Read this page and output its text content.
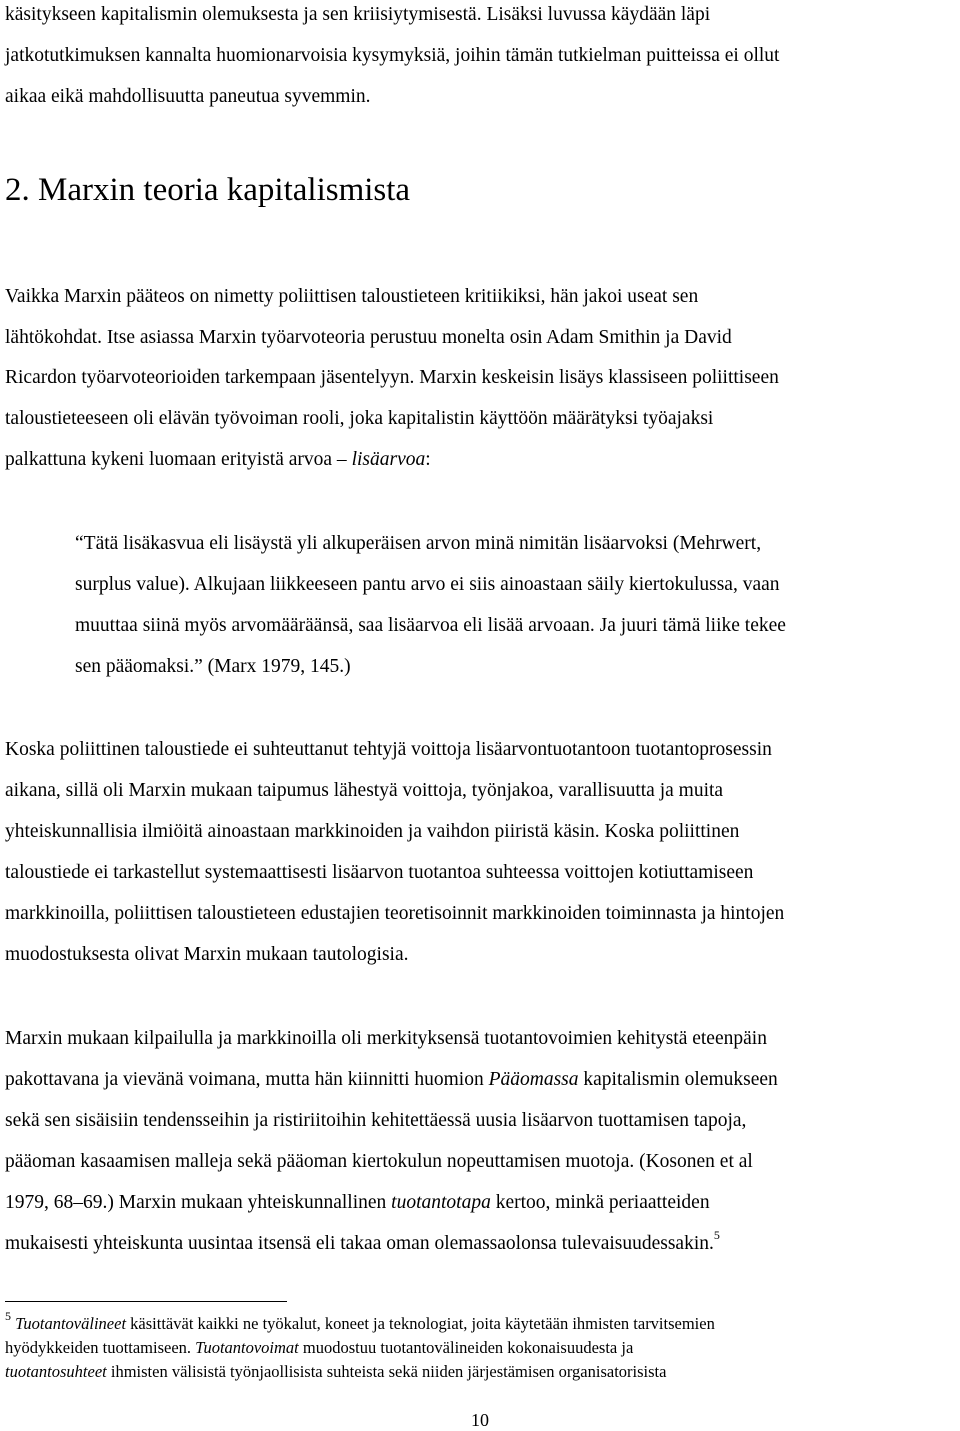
käsitykseen kapitalismin olemuksesta ja sen kriisiytymisestä. Lisäksi luvussa käydään läpi
jatkotutkimuksen kannalta huomionarvoisia kysymyksiä, joihin tämän tutkielman puitteissa ei ollut
aikaa eikä mahdollisuutta paneutua syvemmin.
2. Marxin teoria kapitalismista
Vaikka Marxin pääteos on nimetty poliittisen taloustieteen kritiikiksi, hän jakoi useat sen
lähtökohdat. Itse asiassa Marxin työarvoteoria perustuu monelta osin Adam Smithin ja David
Ricardon työarvoteorioiden tarkempaan jäsentelyyn. Marxin keskeisin lisäys klassiseen poliittiseen
taloustieteeseen oli elävän työvoiman rooli, joka kapitalistin käyttöön määrätyksi työajaksi
palkattuna kykeni luomaan erityistä arvoa – lisäarvoa:
“Tätä lisäkasvua eli lisäystä yli alkuperäisen arvon minä nimitän lisäarvoksi (Mehrwert,
surplus value). Alkujaan liikkeeseen pantu arvo ei siis ainoastaan säily kiertokulussa, vaan
muuttaa siinä myös arvomääräänsä, saa lisäarvoa eli lisää arvoaan. Ja juuri tämä liike tekee
sen pääomaksi.” (Marx 1979, 145.)
Koska poliittinen taloustiede ei suhteuttanut tehtyjä voittoja lisäarvontuotantoon tuotantoprosessin
aikana, sillä oli Marxin mukaan taipumus lähestyä voittoja, työnjakoa, varallisuutta ja muita
yhteiskunnallisia ilmiöitä ainoastaan markkinoiden ja vaihdon piiristä käsin. Koska poliittinen
taloustiede ei tarkastellut systemaattisesti lisäarvon tuotantoa suhteessa voittojen kotiuttamiseen
markkinoilla, poliittisen taloustieteen edustajien teoretisoinnit markkinoiden toiminnasta ja hintojen
muodostuksesta olivat Marxin mukaan tautologisia.
Marxin mukaan kilpailulla ja markkinoilla oli merkityksensä tuotantovoimien kehitystä eteenpäin
pakottavana ja vievänä voimana, mutta hän kiinnitti huomion Pääomassa kapitalismin olemukseen
sekä sen sisäisiin tendensseihin ja ristiriitoihin kehitettäessä uusia lisäarvon tuottamisen tapoja,
pääoman kasaamisen malleja sekä pääoman kiertokulun nopeuttamisen muotoja. (Kosonen et al
1979, 68–69.) Marxin mukaan yhteiskunnallinen tuotantotapa kertoo, minkä periaatteiden
mukaisesti yhteiskunta uusintaa itsensä eli takaa oman olemassaolonsa tulevaisuudessakin.$^5$
$^5$ Tuotantovälineet käsittävät kaikki ne työkalut, koneet ja teknologiat, joita käytetään ihmisten tarvitsemien
hyödykkeiden tuottamiseen. Tuotantovoimat muodostuu tuotantovälineiden kokonaisuudesta ja
tuotantosuhteet ihmisten välisistä työnjaollisista suhteista sekä niiden järjestämisen organisatorisista
10
